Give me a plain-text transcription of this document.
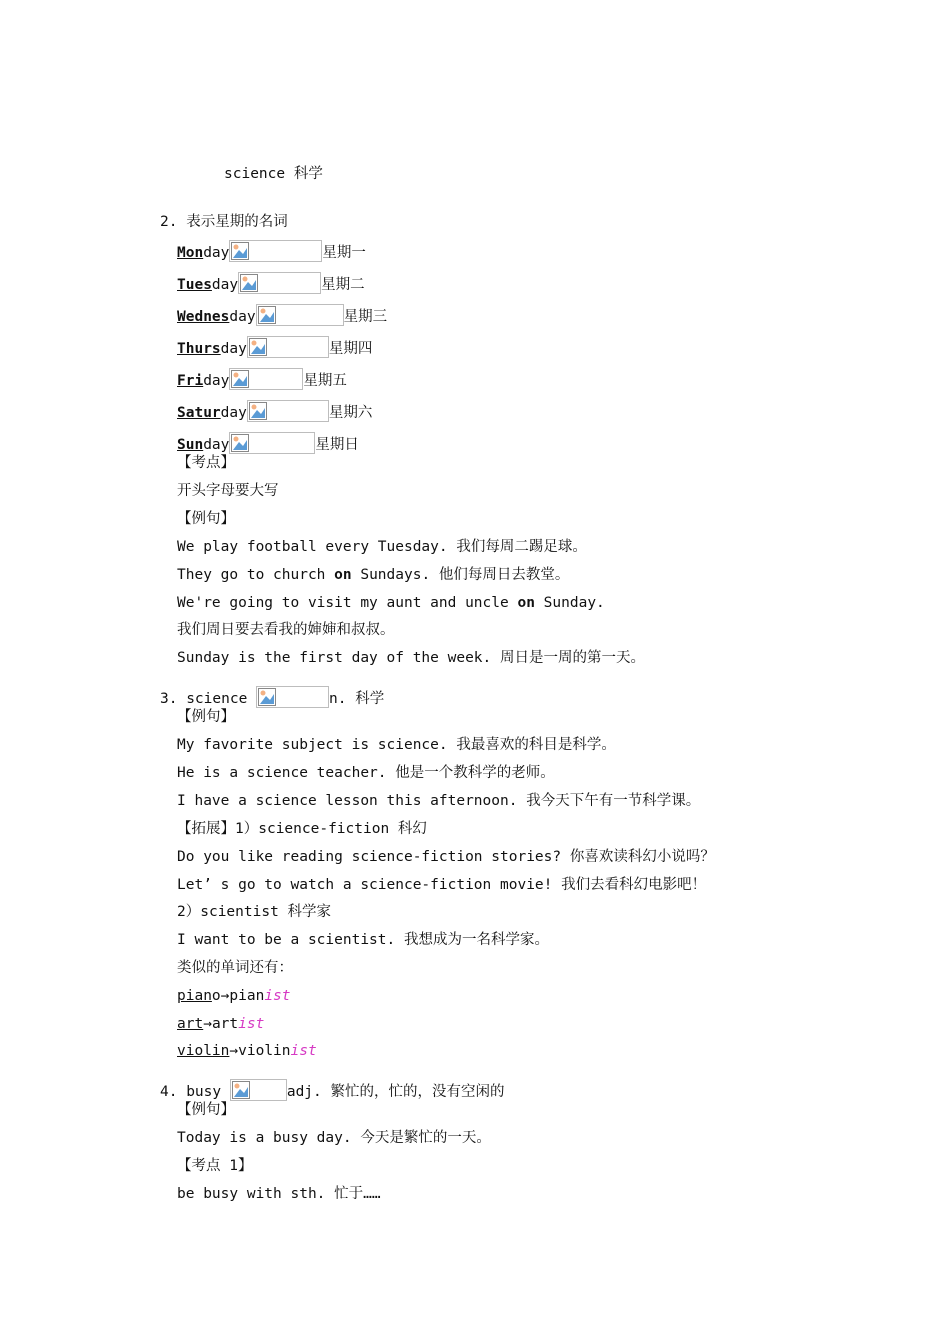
science 科学
2. 表示星期的名词
Monday	星期一
Tuesday	星期二
Wednesday	星期三
Thursday	星期四
Friday	星期五
Saturday	星期六
Sunday	星期日
【考点】
开头字母要大写
【例句】
We play football every Tuesday. 我们每周二踢足球。
They go to church on Sundays. 他们每周日去教堂。
We're going to visit my aunt and uncle on Sunday.
我们周日要去看我的婶婶和叔叔。
Sunday is the first day of the week. 周日是一周的第一天。
3. science	n. 科学
【例句】
My favorite subject is science. 我最喜欢的科目是科学。
He is a science teacher. 他是一个教科学的老师。
I have a science lesson this afternoon. 我今天下午有一节科学课。
【拓展】1）science-fiction 科幻
Do you like reading science-fiction stories? 你喜欢读科幻小说吗？
Let’ s go to watch a science-fiction movie! 我们去看科幻电影吧！
2）scientist 科学家
I want to be a scientist. 我想成为一名科学家。
类似的单词还有：
piano→pianist
art→artist
violin→violinist
4. busy	adj. 繁忙的，忙的，没有空闲的
【例句】
Today is a busy day. 今天是繁忙的一天。
【考点 1】
be busy with sth. 忙于……
